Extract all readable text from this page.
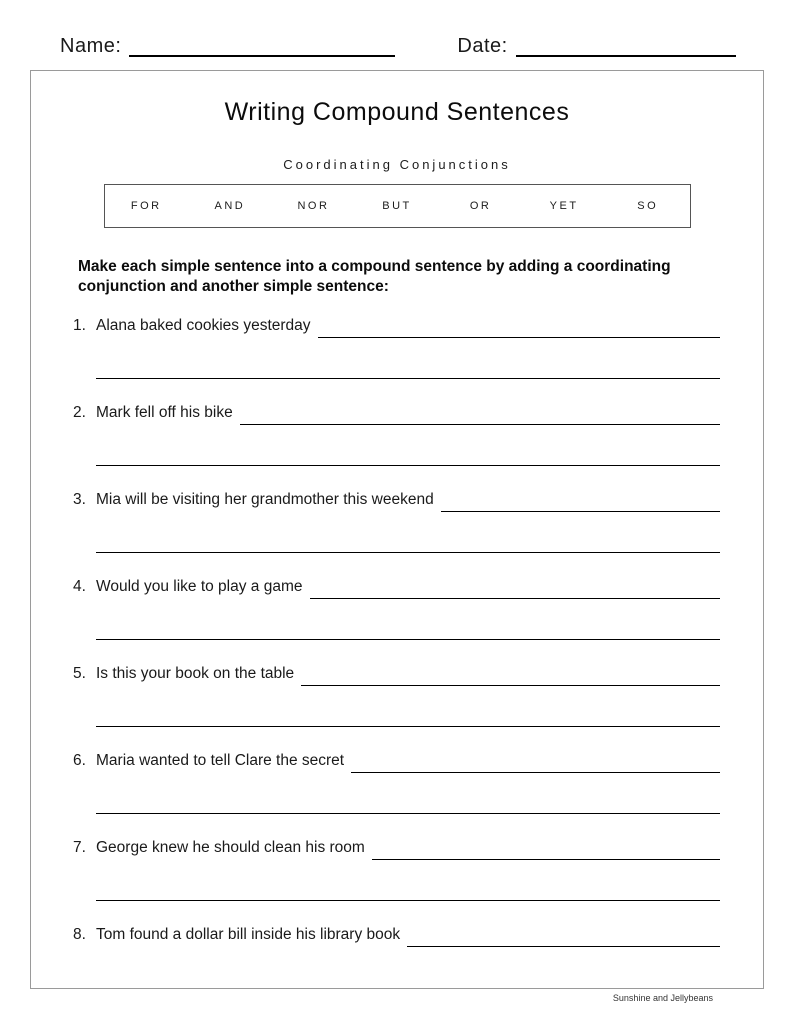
Name:	Date:
Writing Compound Sentences
Coordinating Conjunctions
FOR	AND	NOR	BUT	OR	YET	SO
Make each simple sentence into a compound sentence by adding a coordinating
conjunction and another simple sentence:
1. Alana baked cookies yesterday
2. Mark fell off his bike
3. Mia will be visiting her grandmother this weekend
4. Would you like to play a game
5. Is this your book on the table
6. Maria wanted to tell Clare the secret
7. George knew he should clean his room
8. Tom found a dollar bill inside his library book
Sunshine and Jellybeans
